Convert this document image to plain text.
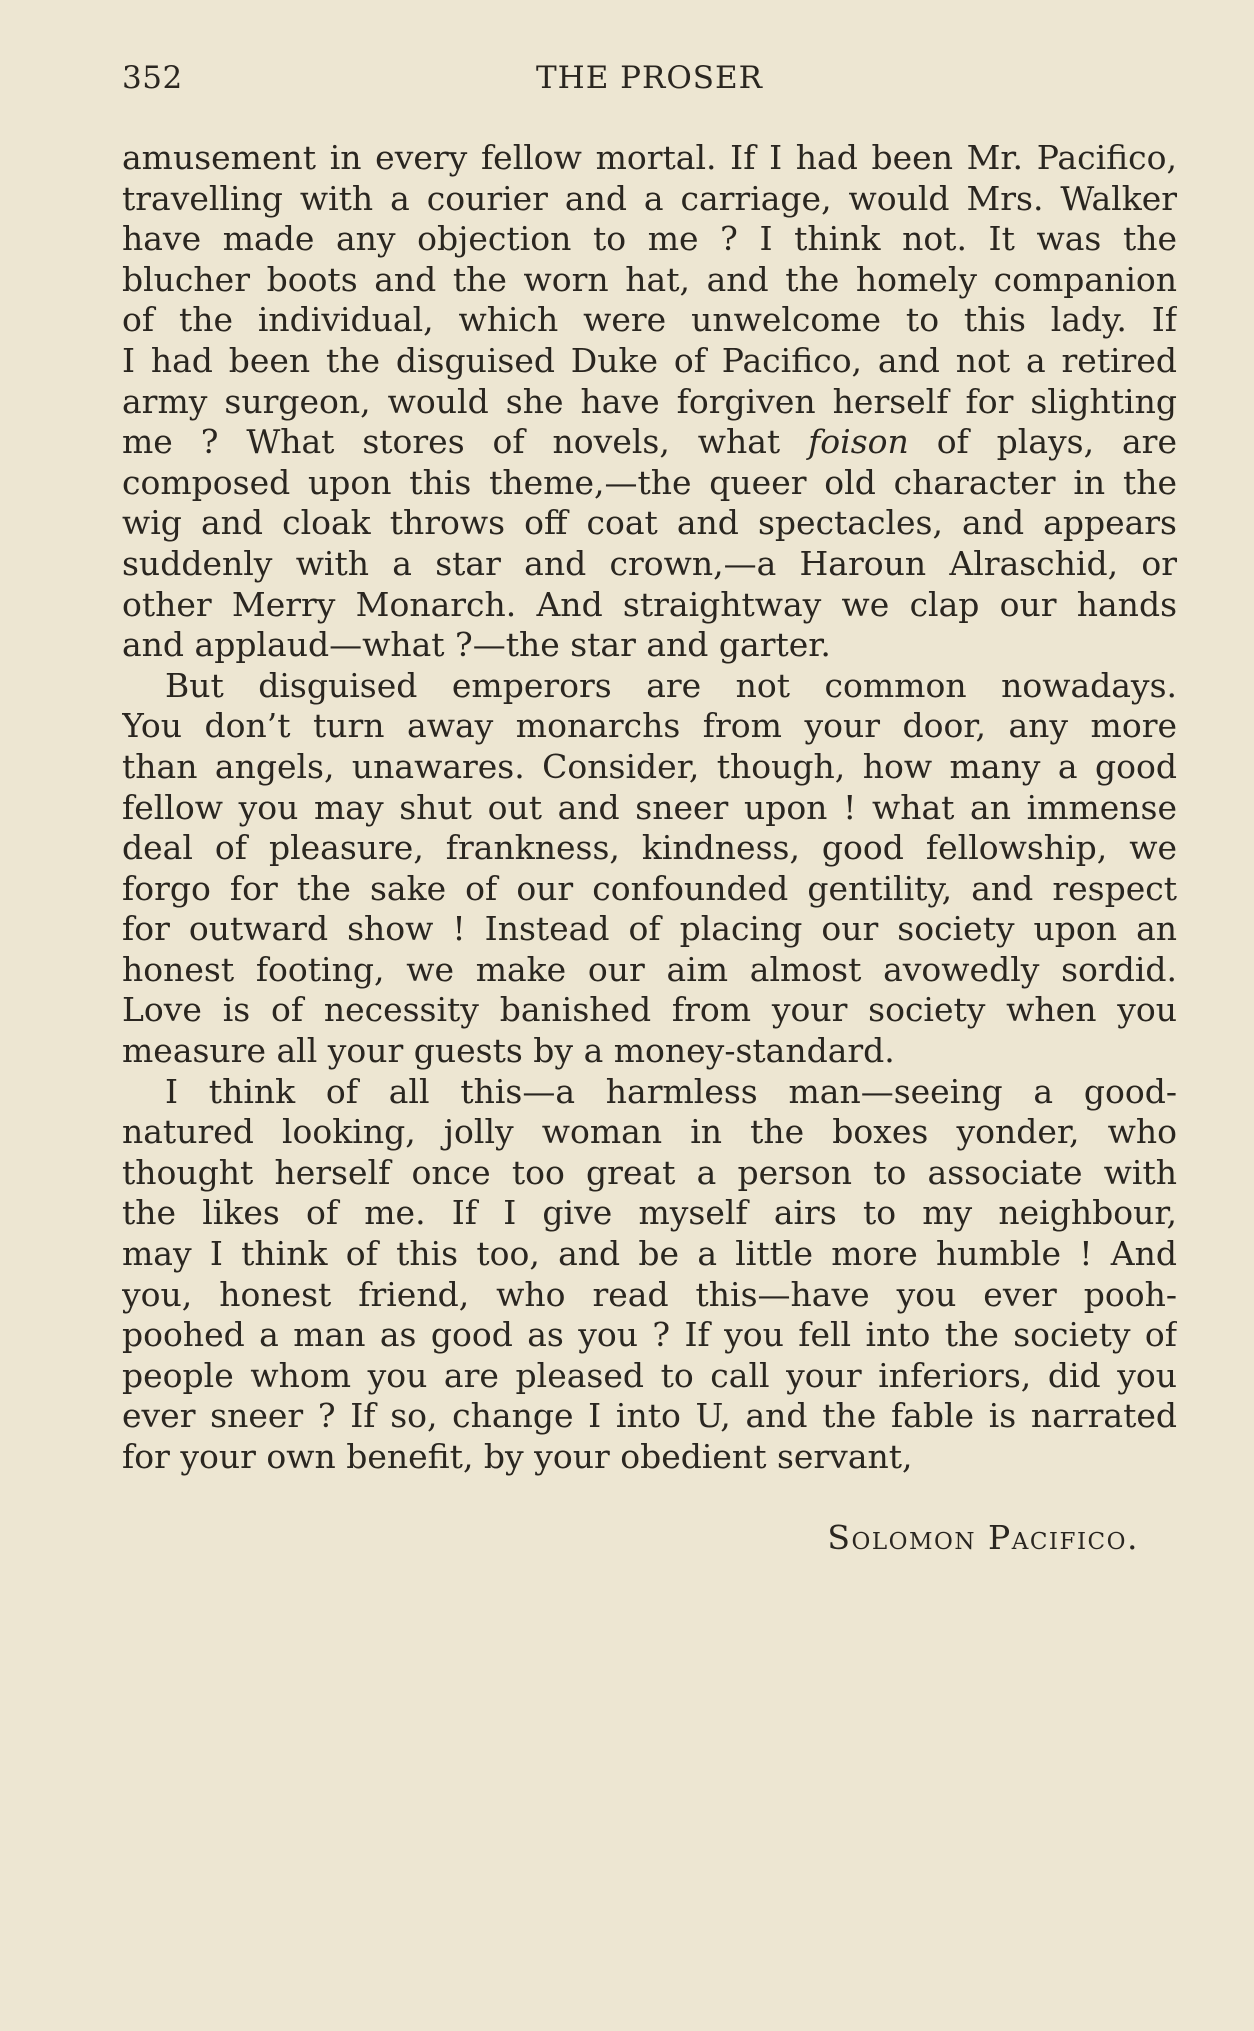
352	THE PROSER
amusement in every fellow mortal. If I had been Mr. Pacifico,
travelling with a courier and a carriage, would Mrs. Walker
have made any objection to me ? I think not. It was the
blucher boots and the worn hat, and the homely companion
of the individual, which were unwelcome to this lady. If
I had been the disguised Duke of Pacifico, and not a retired
army surgeon, would she have forgiven herself for slighting
me ? What stores of novels, what foison of plays, are
composed upon this theme,—the queer old character in the
wig and cloak throws off coat and spectacles, and appears
suddenly with a star and crown,—a Haroun Alraschid, or
other Merry Monarch. And straightway we clap our hands
and applaud—what ?—the star and garter.
But disguised emperors are not common nowadays.
You don’t turn away monarchs from your door, any more
than angels, unawares. Consider, though, how many a good
fellow you may shut out and sneer upon ! what an immense
deal of pleasure, frankness, kindness, good fellowship, we
forgo for the sake of our confounded gentility, and respect
for outward show ! Instead of placing our society upon an
honest footing, we make our aim almost avowedly sordid.
Love is of necessity banished from your society when you
measure all your guests by a money-standard.
I think of all this—a harmless man—seeing a good-
natured looking, jolly woman in the boxes yonder, who
thought herself once too great a person to associate with
the likes of me. If I give myself airs to my neighbour,
may I think of this too, and be a little more humble ! And
you, honest friend, who read this—have you ever pooh-
poohed a man as good as you ? If you fell into the society of
people whom you are pleased to call your inferiors, did you
ever sneer ? If so, change I into U, and the fable is narrated
for your own benefit, by your obedient servant,
Solomon Pacifico.
